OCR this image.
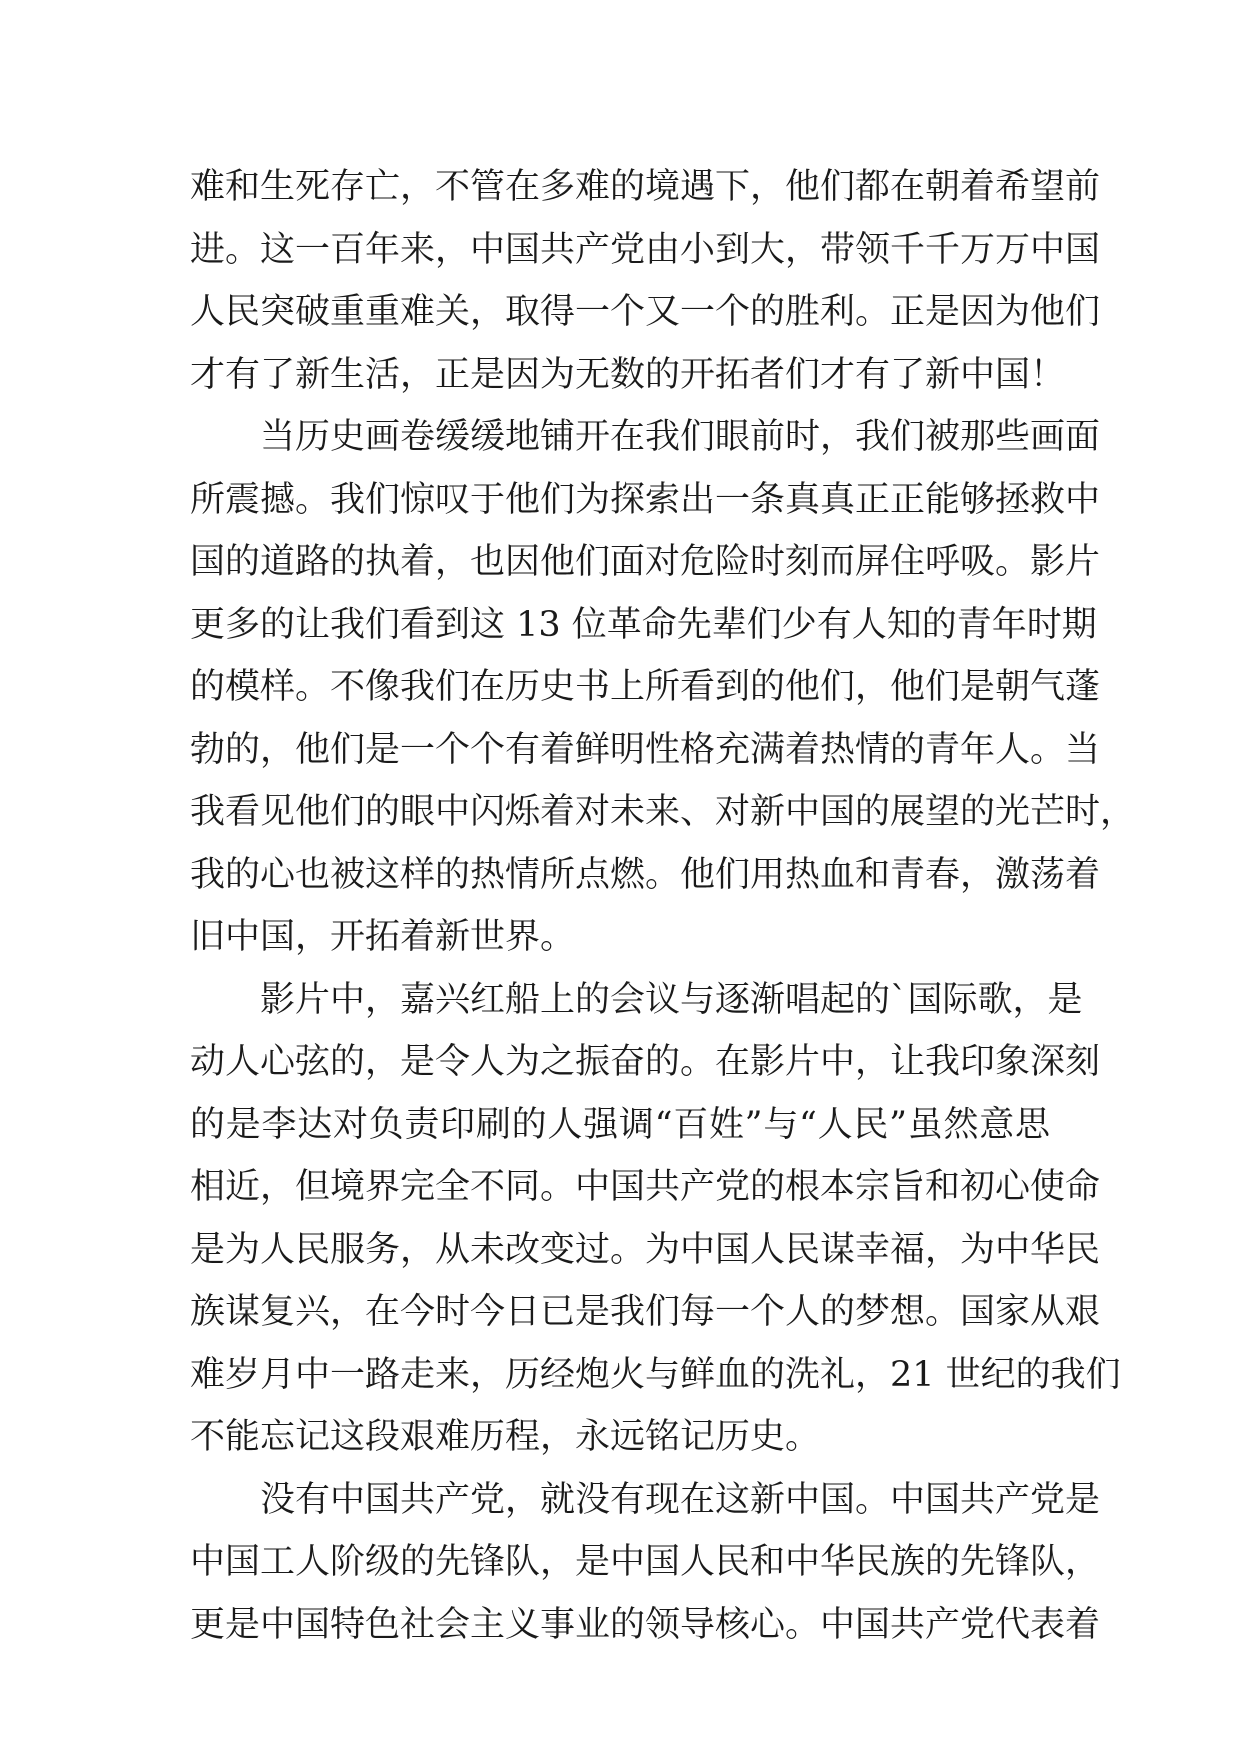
难和生死存亡，不管在多难的境遇下，他们都在朝着希望前
进。这一百年来，中国共产党由小到大，带领千千万万中国
人民突破重重难关，取得一个又一个的胜利。正是因为他们
才有了新生活，正是因为无数的开拓者们才有了新中国！
当历史画卷缓缓地铺开在我们眼前时，我们被那些画面
所震撼。我们惊叹于他们为探索出一条真真正正能够拯救中
国的道路的执着，也因他们面对危险时刻而屏住呼吸。影片
更多的让我们看到这 13 位革命先辈们少有人知的青年时期
的模样。不像我们在历史书上所看到的他们，他们是朝气蓬
勃的，他们是一个个有着鲜明性格充满着热情的青年人。当
我看见他们的眼中闪烁着对未来、对新中国的展望的光芒时，
我的心也被这样的热情所点燃。他们用热血和青春，激荡着
旧中国，开拓着新世界。
影片中，嘉兴红船上的会议与逐渐唱起的`国际歌，是
动人心弦的，是令人为之振奋的。在影片中，让我印象深刻
的是李达对负责印刷的人强调“百姓”与“人民”虽然意思
相近，但境界完全不同。中国共产党的根本宗旨和初心使命
是为人民服务，从未改变过。为中国人民谋幸福，为中华民
族谋复兴，在今时今日已是我们每一个人的梦想。国家从艰
难岁月中一路走来，历经炮火与鲜血的洗礼，21 世纪的我们
不能忘记这段艰难历程，永远铭记历史。
没有中国共产党，就没有现在这新中国。中国共产党是
中国工人阶级的先锋队，是中国人民和中华民族的先锋队，
更是中国特色社会主义事业的领导核心。中国共产党代表着
